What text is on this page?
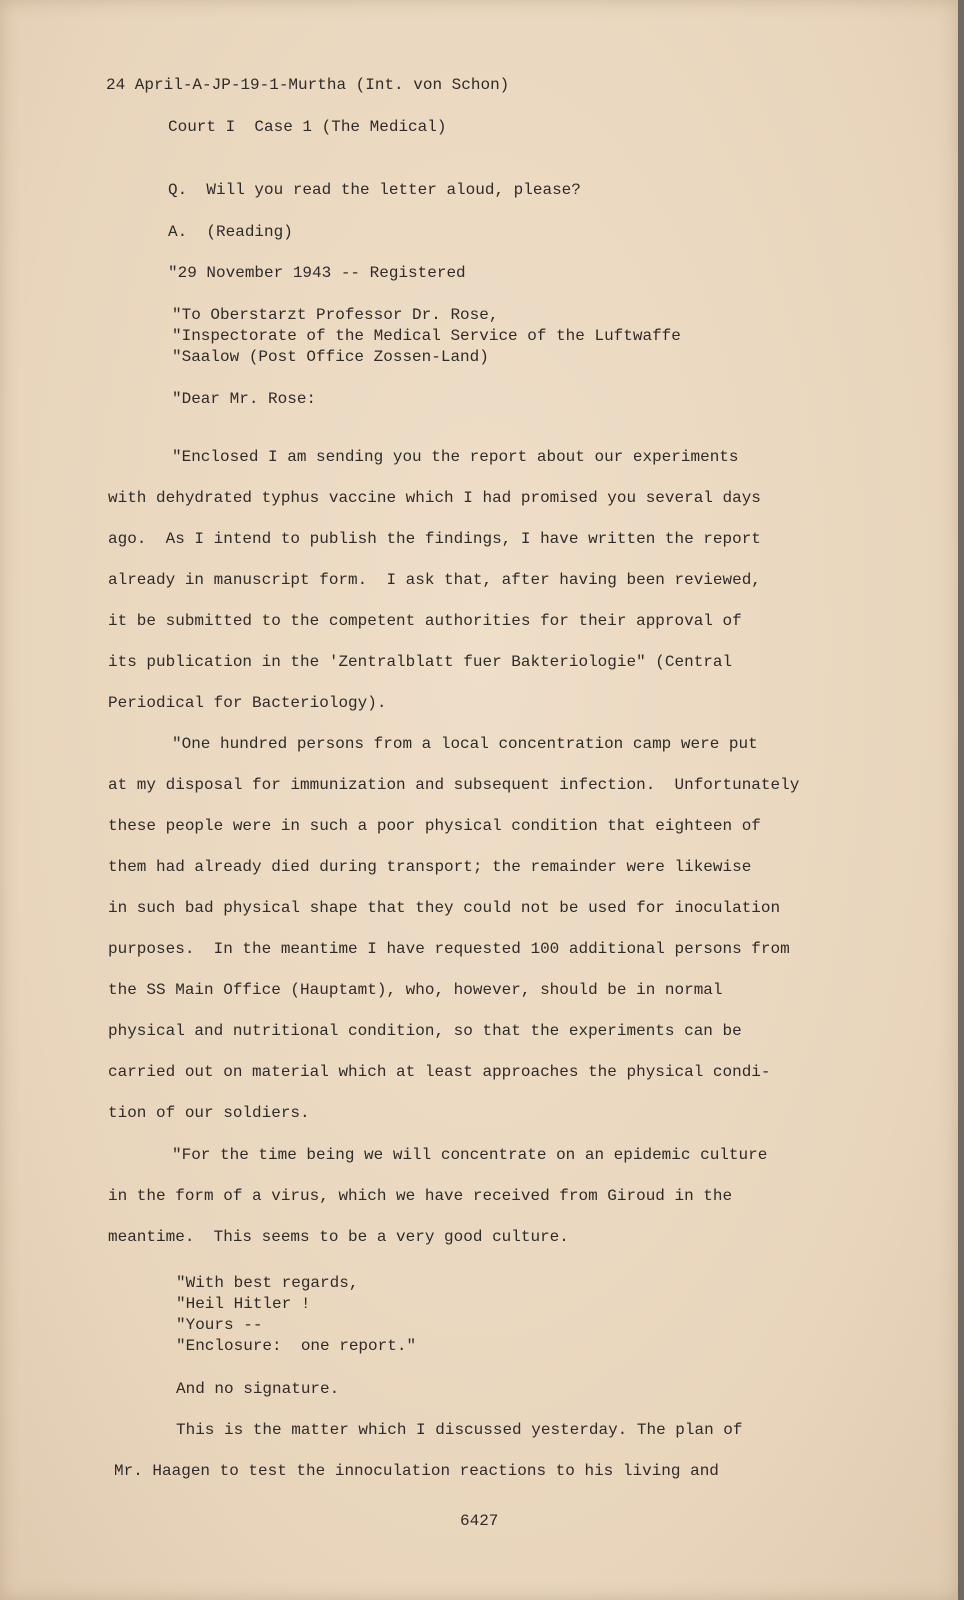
24 April-A-JP-19-1-Murtha (Int. von Schon)
Court I  Case 1 (The Medical)
Q.  Will you read the letter aloud, please?
A.  (Reading)
"29 November 1943 -- Registered
"To Oberstarzt Professor Dr. Rose,
"Inspectorate of the Medical Service of the Luftwaffe
"Saalow (Post Office Zossen-Land)
"Dear Mr. Rose:
"Enclosed I am sending you the report about our experiments
with dehydrated typhus vaccine which I had promised you several days
ago.  As I intend to publish the findings, I have written the report
already in manuscript form.  I ask that, after having been reviewed,
it be submitted to the competent authorities for their approval of
its publication in the 'Zentralblatt fuer Bakteriologie" (Central
Periodical for Bacteriology).
"One hundred persons from a local concentration camp were put
at my disposal for immunization and subsequent infection.  Unfortunately
these people were in such a poor physical condition that eighteen of
them had already died during transport; the remainder were likewise
in such bad physical shape that they could not be used for inoculation
purposes.  In the meantime I have requested 100 additional persons from
the SS Main Office (Hauptamt), who, however, should be in normal
physical and nutritional condition, so that the experiments can be
carried out on material which at least approaches the physical condi-
tion of our soldiers.
"For the time being we will concentrate on an epidemic culture
in the form of a virus, which we have received from Giroud in the
meantime.  This seems to be a very good culture.
"With best regards,
"Heil Hitler !
"Yours --
"Enclosure:  one report."
And no signature.
This is the matter which I discussed yesterday. The plan of
Mr. Haagen to test the innoculation reactions to his living and
6427
